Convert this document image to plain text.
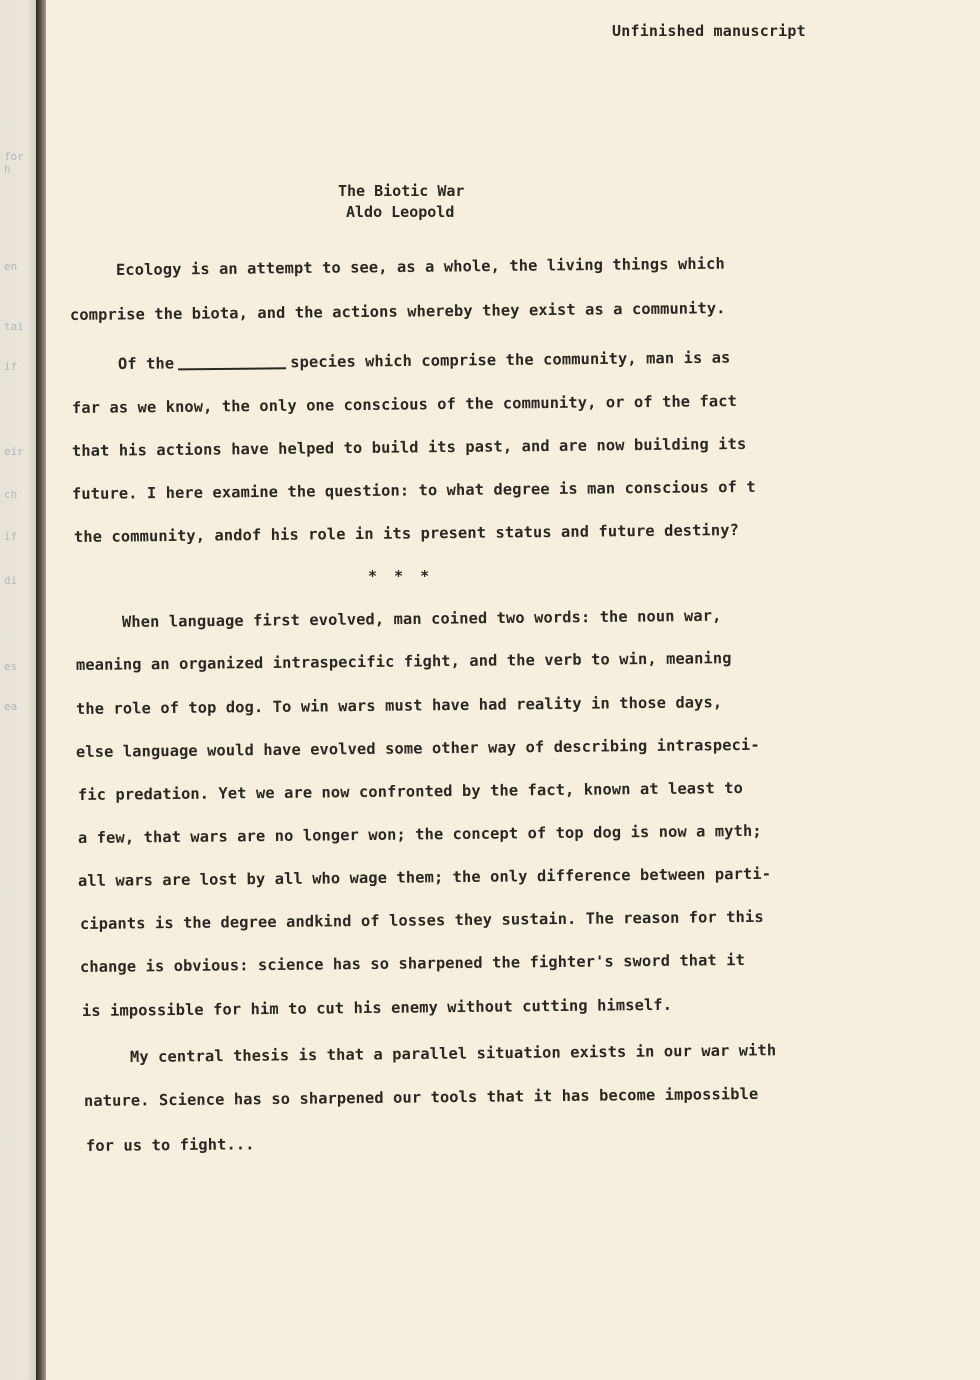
for h
en
tai
if
eir
ch
if
di
es
ea
Unfinished manuscript
The Biotic War
Aldo Leopold
Ecology is an attempt to see, as a whole, the living things which
comprise the biota, and the actions whereby they exist as a community.
Of the	species which comprise the community, man is as
far as we know, the only one conscious of the community, or of the fact
that his actions have helped to build its past, and are now building its
future. I here examine the question: to what degree is man conscious of t
the community, andof his role in its present status and future destiny?
* * *
When language first evolved, man coined two words: the noun war,
meaning an organized intraspecific fight, and the verb to win, meaning
the role of top dog. To win wars must have had reality in those days,
else language would have evolved some other way of describing intraspeci-
fic predation. Yet we are now confronted by the fact, known at least to
a few, that wars are no longer won; the concept of top dog is now a myth;
all wars are lost by all who wage them; the only difference between parti-
cipants is the degree andkind of losses they sustain. The reason for this
change is obvious: science has so sharpened the fighter's sword that it
is impossible for him to cut his enemy without cutting himself.
My central thesis is that a parallel situation exists in our war with
nature. Science has so sharpened our tools that it has become impossible
for us to fight...
